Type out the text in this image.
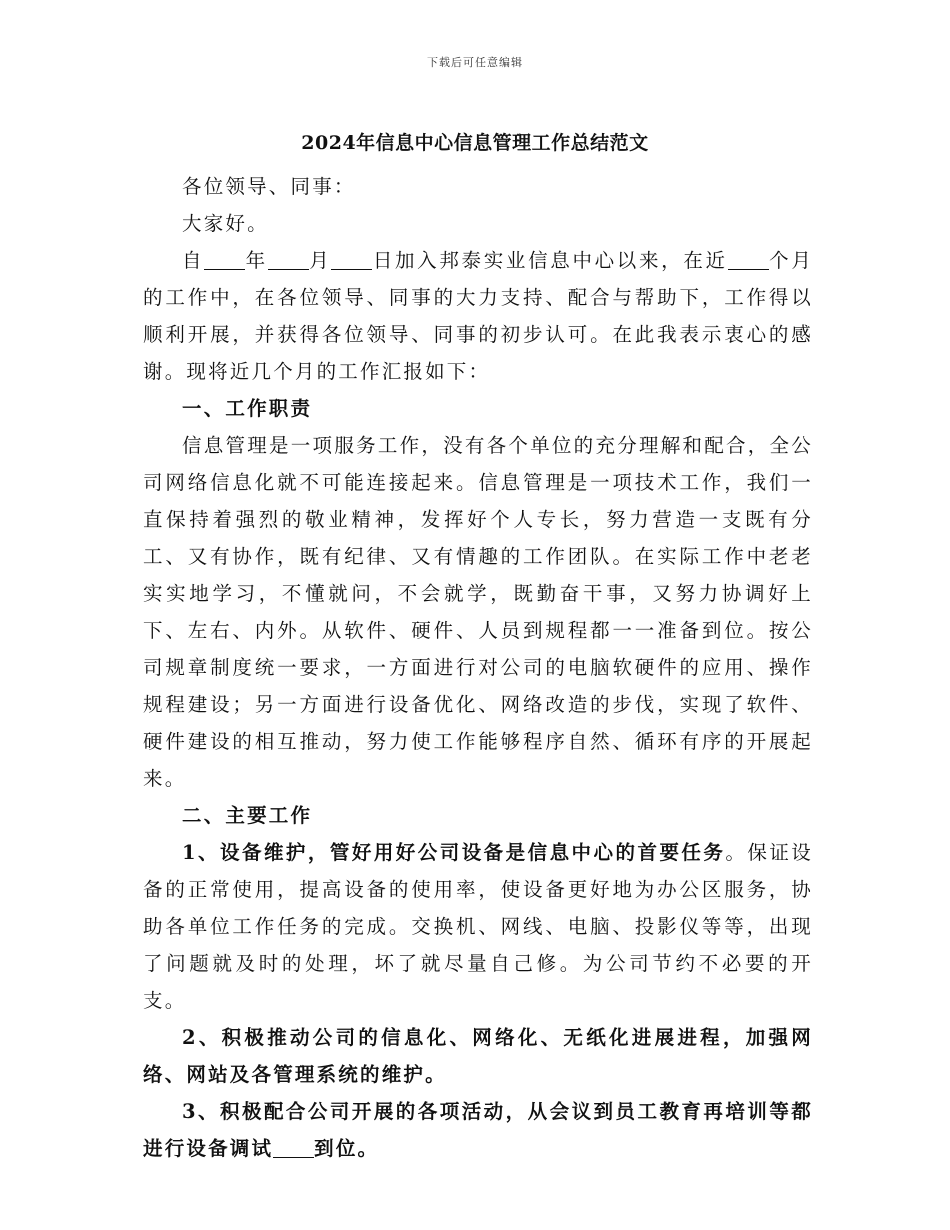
下载后可任意编辑
2024年信息中心信息管理工作总结范文

各位领导、同事：

大家好。

自 年 月 日加入邦泰实业信息中心以来，在近 个月的工作中，在各位领导、同事的大力支持、配合与帮助下，工作得以顺利开展，并获得各位领导、同事的初步认可。在此我表示衷心的感谢。现将近几个月的工作汇报如下：

一、工作职责

信息管理是一项服务工作，没有各个单位的充分理解和配合，全公司网络信息化就不可能连接起来。信息管理是一项技术工作，我们一直保持着强烈的敬业精神，发挥好个人专长，努力营造一支既有分工、又有协作，既有纪律、又有情趣的工作团队。在实际工作中老老实实地学习，不懂就问，不会就学，既勤奋干事，又努力协调好上下、左右、内外。从软件、硬件、人员到规程都一一准备到位。按公司规章制度统一要求，一方面进行对公司的电脑软硬件的应用、操作规程建设；另一方面进行设备优化、网络改造的步伐，实现了软件、硬件建设的相互推动，努力使工作能够程序自然、循环有序的开展起来。

二、主要工作

1、设备维护，管好用好公司设备是信息中心的首要任务。保证设备的正常使用，提高设备的使用率，使设备更好地为办公区服务，协助各单位工作任务的完成。交换机、网线、电脑、投影仪等等，出现了问题就及时的处理，坏了就尽量自己修。为公司节约不必要的开支。

2、积极推动公司的信息化、网络化、无纸化进展进程，加强网络、网站及各管理系统的维护。

3、积极配合公司开展的各项活动，从会议到员工教育再培训等都进行设备调试 到位。
